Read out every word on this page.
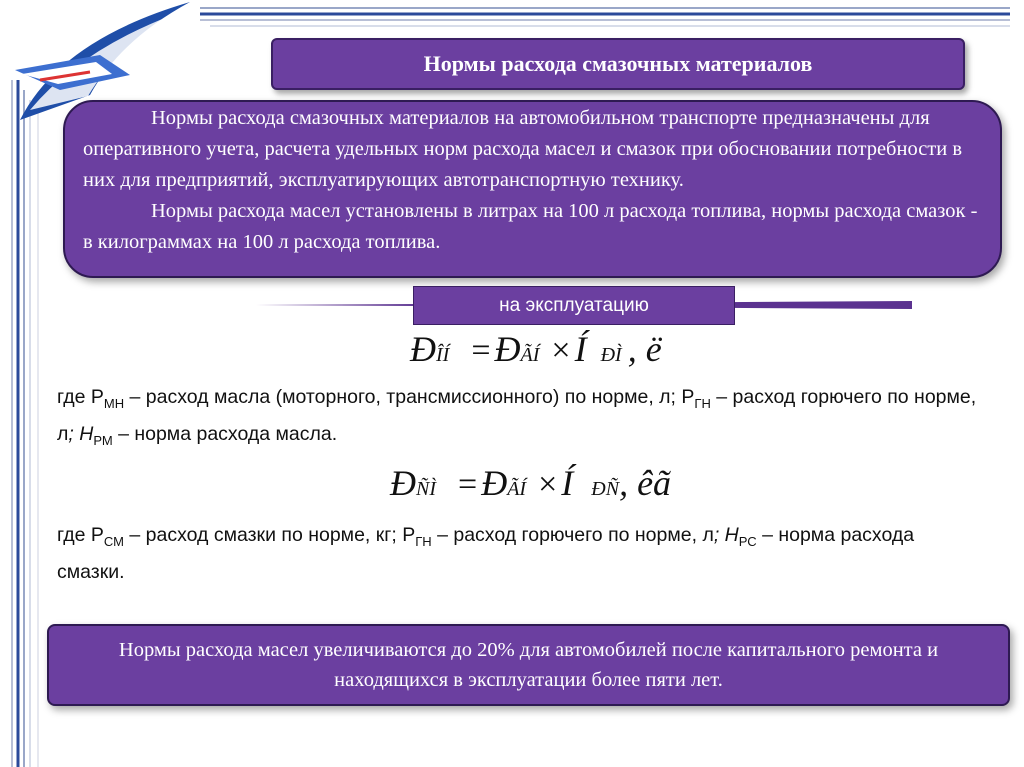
Нормы расхода смазочных материалов

Нормы расхода смазочных материалов на автомобильном транспорте предназначены для оперативного учета, расчета удельных норм расхода масел и смазок при обосновании потребности в них для предприятий, эксплуатирующих автотранспортную технику.

Нормы расхода масел установлены в литрах на 100 л расхода топлива, нормы расхода смазок - в килограммах на 100 л расхода топлива.

на эксплуатацию
ĐÎÍ = ĐÃÍ × Í ĐÌ , ë
где $P_{МН}$ – расход масла (моторного, трансмиссионного) по норме, л; $P_{ГН}$ – расход горючего по норме, л; $Н_{РМ}$ – норма расхода масла.
ĐÑÌ = ĐÃÍ × Í ĐÑ, êã
где $P_{СМ}$ – расход смазки по норме, кг; $P_{ГН}$ – расход горючего по норме, л; $Н_{РС}$ – норма расхода смазки.
Нормы расхода масел увеличиваются до 20% для автомобилей после капитального ремонта и находящихся в эксплуатации более пяти лет.
